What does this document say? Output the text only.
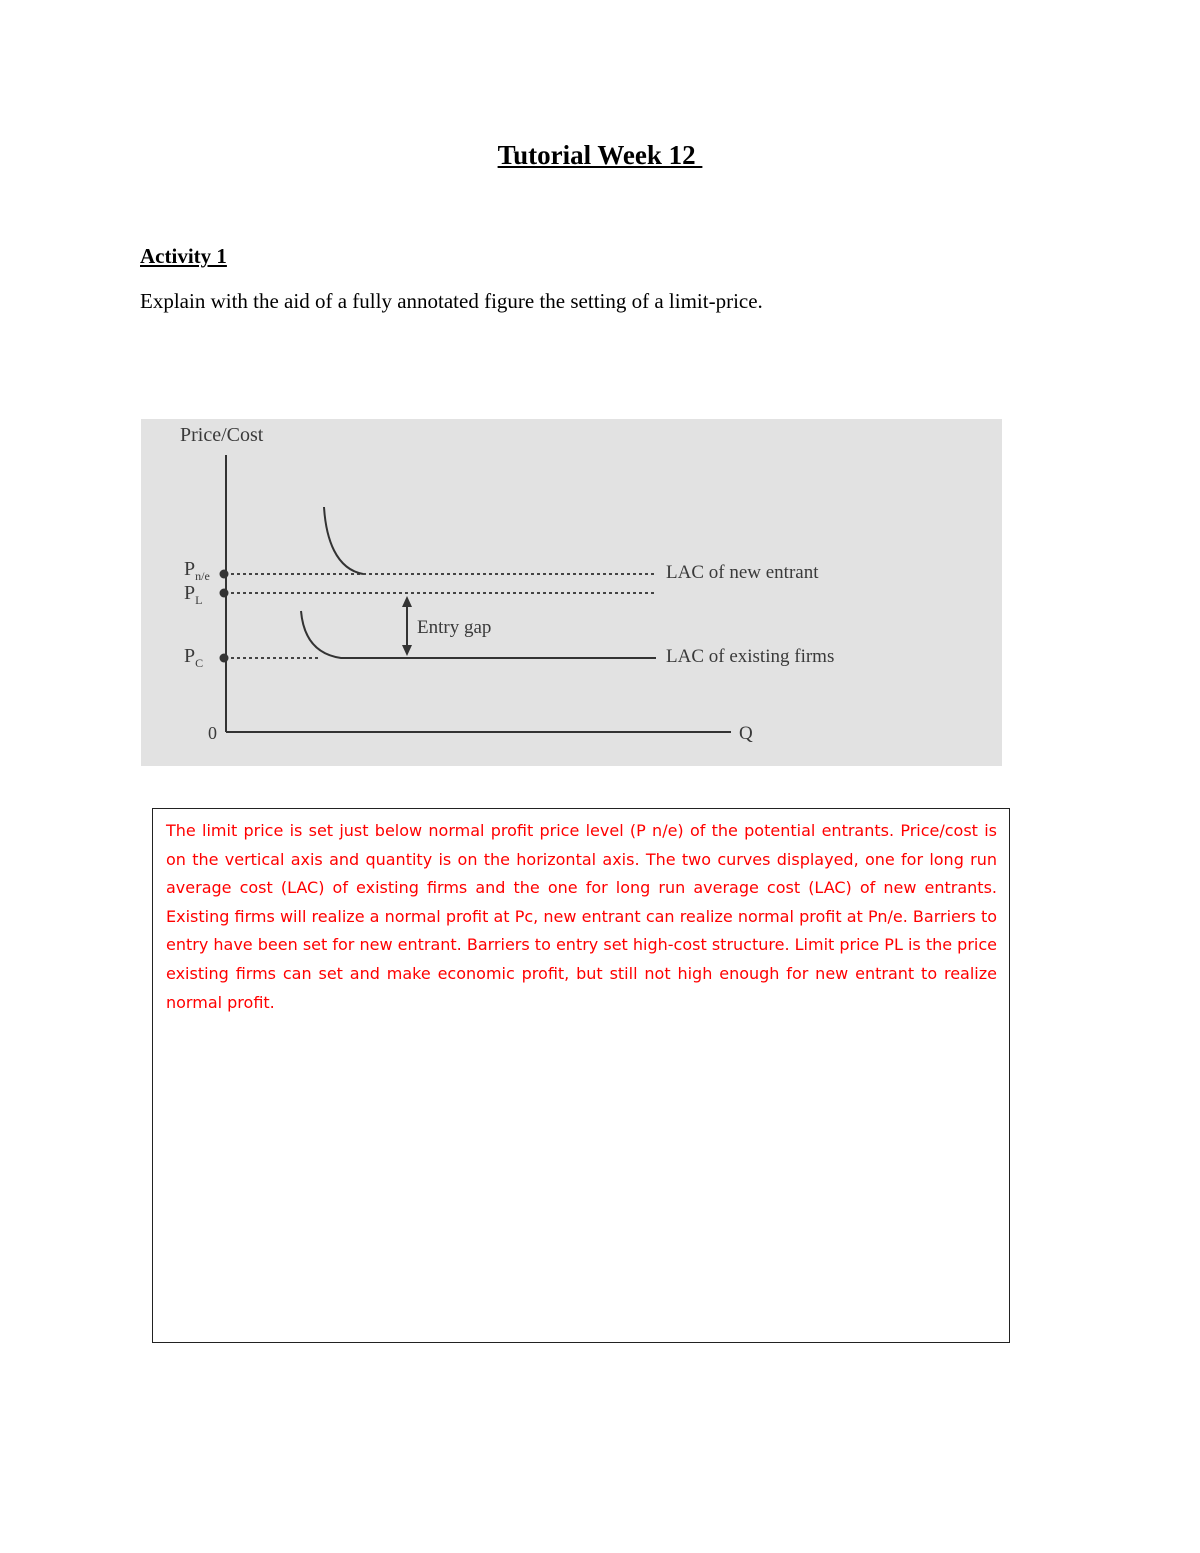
Tutorial Week 12
Activity 1
Explain with the aid of a fully annotated figure the setting of a limit-price.
Price/Cost
0	Q
$P_{n/e}$	LAC of new entrant
$P_L$
$P_C$	LAC of existing firms
Entry gap

The limit price is set just below normal profit price level (P n/e) of the potential entrants. Price/cost is on the vertical axis and quantity is on the horizontal axis. The two curves displayed, one for long run average cost (LAC) of existing firms and the one for long run average cost (LAC) of new entrants. Existing firms will realize a normal profit at Pc, new entrant can realize normal profit at Pn/e. Barriers to entry have been set for new entrant. Barriers to entry set high-cost structure. Limit price PL is the price existing firms can set and make economic profit, but still not high enough for new entrant to realize normal profit.
